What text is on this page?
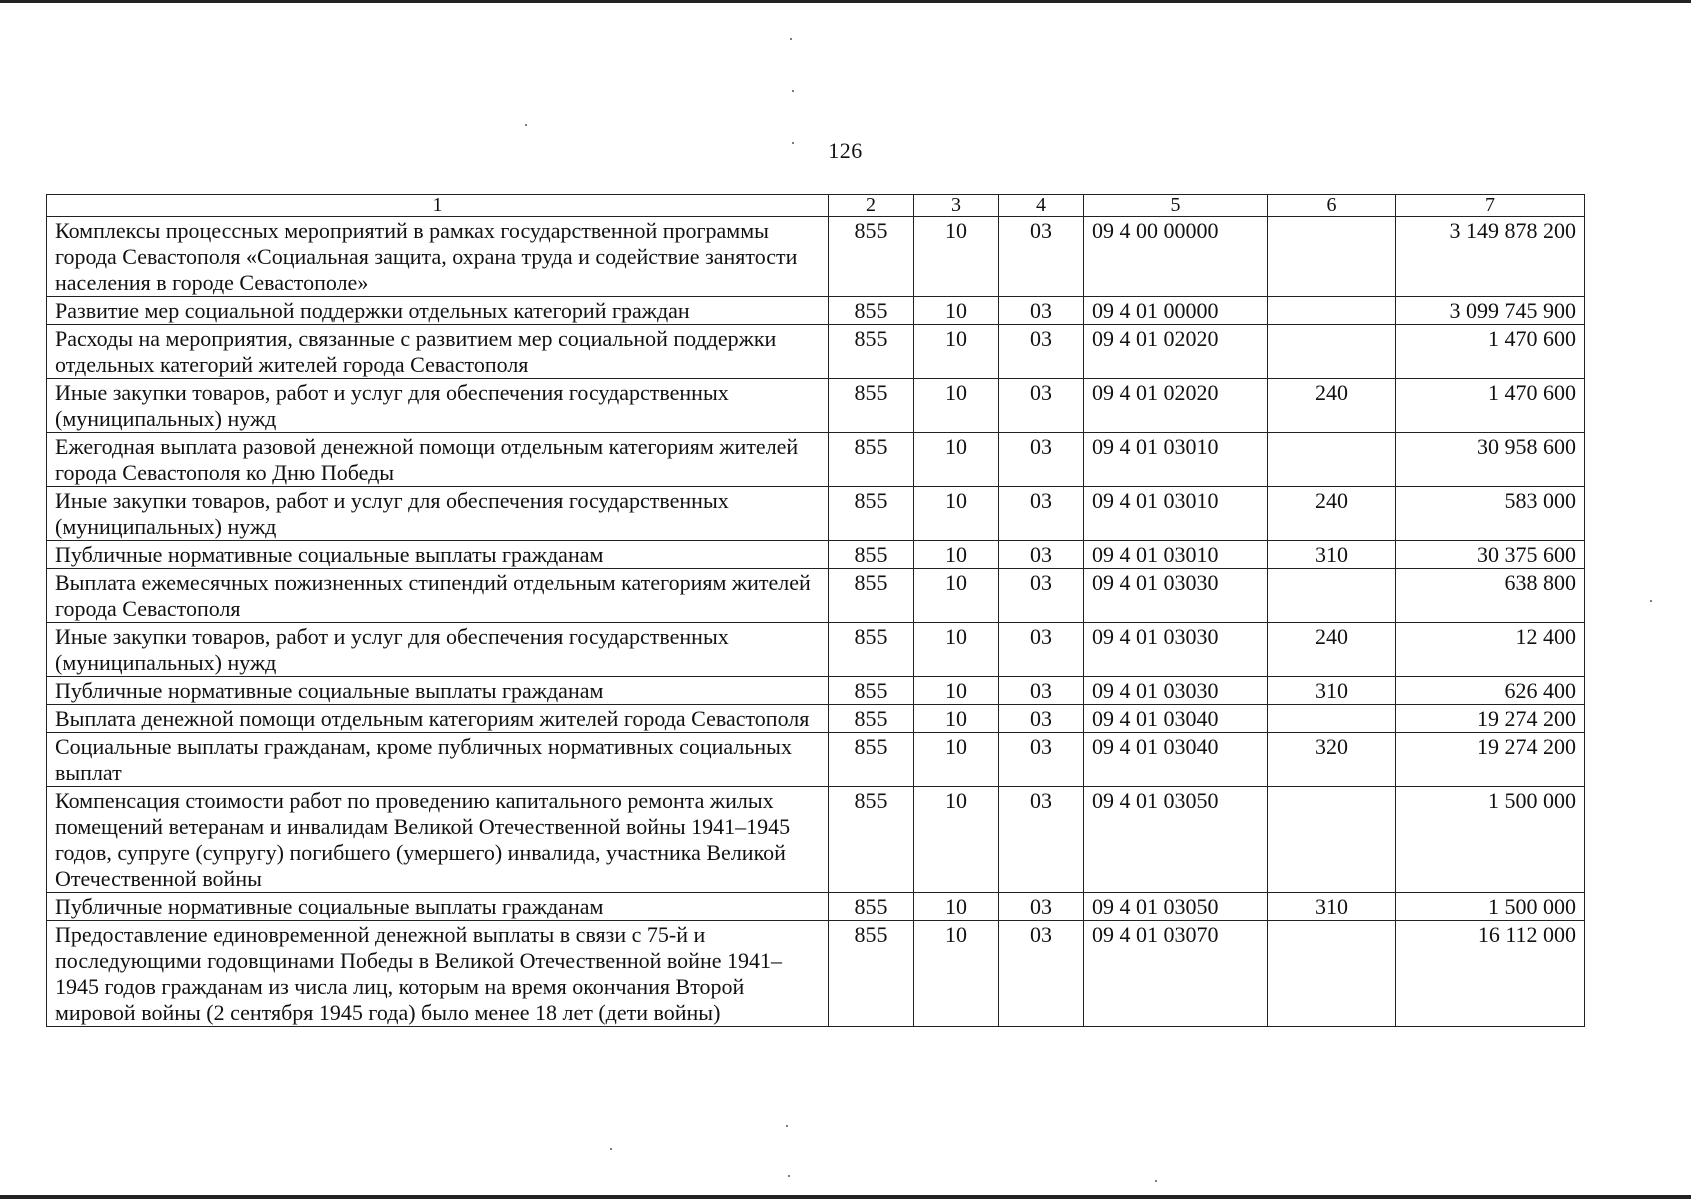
126
1	2	3	4	5	6	7
Комплексы процессных мероприятий в рамках государственной программы города Севастополя «Социальная защита, охрана труда и содействие занятости населения в городе Севастополе»	855	10	03	09 4 00 00000		3 149 878 200
Развитие мер социальной поддержки отдельных категорий граждан	855	10	03	09 4 01 00000		3 099 745 900
Расходы на мероприятия, связанные с развитием мер социальной поддержки отдельных категорий жителей города Севастополя	855	10	03	09 4 01 02020		1 470 600
Иные закупки товаров, работ и услуг для обеспечения государственных (муниципальных) нужд	855	10	03	09 4 01 02020	240	1 470 600
Ежегодная выплата разовой денежной помощи отдельным категориям жителей города Севастополя ко Дню Победы	855	10	03	09 4 01 03010		30 958 600
Иные закупки товаров, работ и услуг для обеспечения государственных (муниципальных) нужд	855	10	03	09 4 01 03010	240	583 000
Публичные нормативные социальные выплаты гражданам	855	10	03	09 4 01 03010	310	30 375 600
Выплата ежемесячных пожизненных стипендий отдельным категориям жителей города Севастополя	855	10	03	09 4 01 03030		638 800
Иные закупки товаров, работ и услуг для обеспечения государственных (муниципальных) нужд	855	10	03	09 4 01 03030	240	12 400
Публичные нормативные социальные выплаты гражданам	855	10	03	09 4 01 03030	310	626 400
Выплата денежной помощи отдельным категориям жителей города Севастополя	855	10	03	09 4 01 03040		19 274 200
Социальные выплаты гражданам, кроме публичных нормативных социальных выплат	855	10	03	09 4 01 03040	320	19 274 200
Компенсация стоимости работ по проведению капитального ремонта жилых помещений ветеранам и инвалидам Великой Отечественной войны 1941–1945 годов, супруге (супругу) погибшего (умершего) инвалида, участника Великой Отечественной войны	855	10	03	09 4 01 03050		1 500 000
Публичные нормативные социальные выплаты гражданам	855	10	03	09 4 01 03050	310	1 500 000
Предоставление единовременной денежной выплаты в связи с 75-й и последующими годовщинами Победы в Великой Отечественной войне 1941–1945 годов гражданам из числа лиц, которым на время окончания Второй мировой войны (2 сентября 1945 года) было менее 18 лет (дети войны)	855	10	03	09 4 01 03070		16 112 000
